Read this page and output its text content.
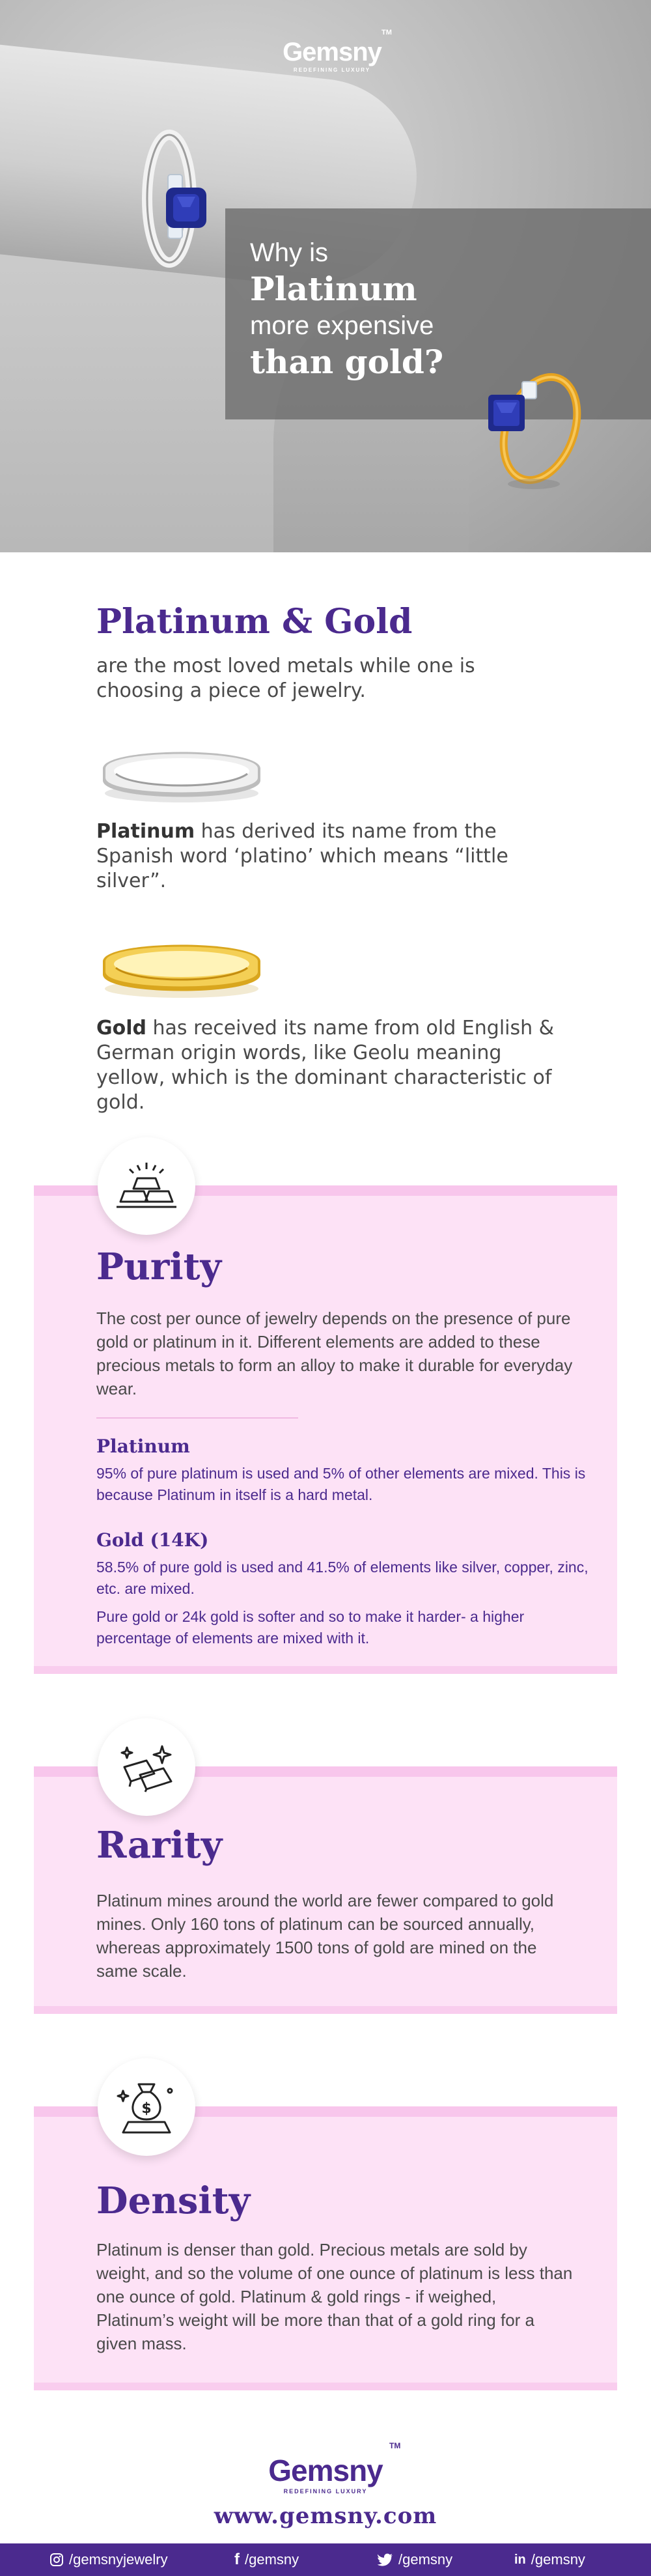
Gemsny
REDEFINING LUXURY
TM
Why is
Platinum
more expensive
than gold?
Platinum & Gold
are the most loved metals while one is choosing a piece of jewelry.
Platinum has derived its name from the Spanish word ‘platino’ which means “little silver”.
Gold has received its name from old English & German origin words, like Geolu meaning yellow, which is the dominant characteristic of gold.
Purity
The cost per ounce of jewelry depends on the presence of pure gold or platinum in it. Different elements are added to these precious metals to form an alloy to make it durable for everyday wear.
Platinum
95% of pure platinum is used and 5% of other elements are mixed. This is because Platinum in itself is a hard metal.
Gold (14K)
58.5% of pure gold is used and 41.5% of elements like silver, copper, zinc, etc. are mixed.
Pure gold or 24k gold is softer and so to make it harder- a higher percentage of elements are mixed with it.
Rarity
Platinum mines around the world are fewer compared to gold mines. Only 160 tons of platinum can be sourced annually, whereas approximately 1500 tons of gold are mined on the same scale.
$
Density
Platinum is denser than gold. Precious metals are sold by weight, and so the volume of one ounce of platinum is less than one ounce of gold. Platinum & gold rings - if weighed, Platinum’s weight will be more than that of a gold ring for a given mass.
Gemsny
REDEFINING LUXURY
TM
www.gemsny.com
/gemsnyjewelry	f /gemsny	/gemsny	in /gemsny
